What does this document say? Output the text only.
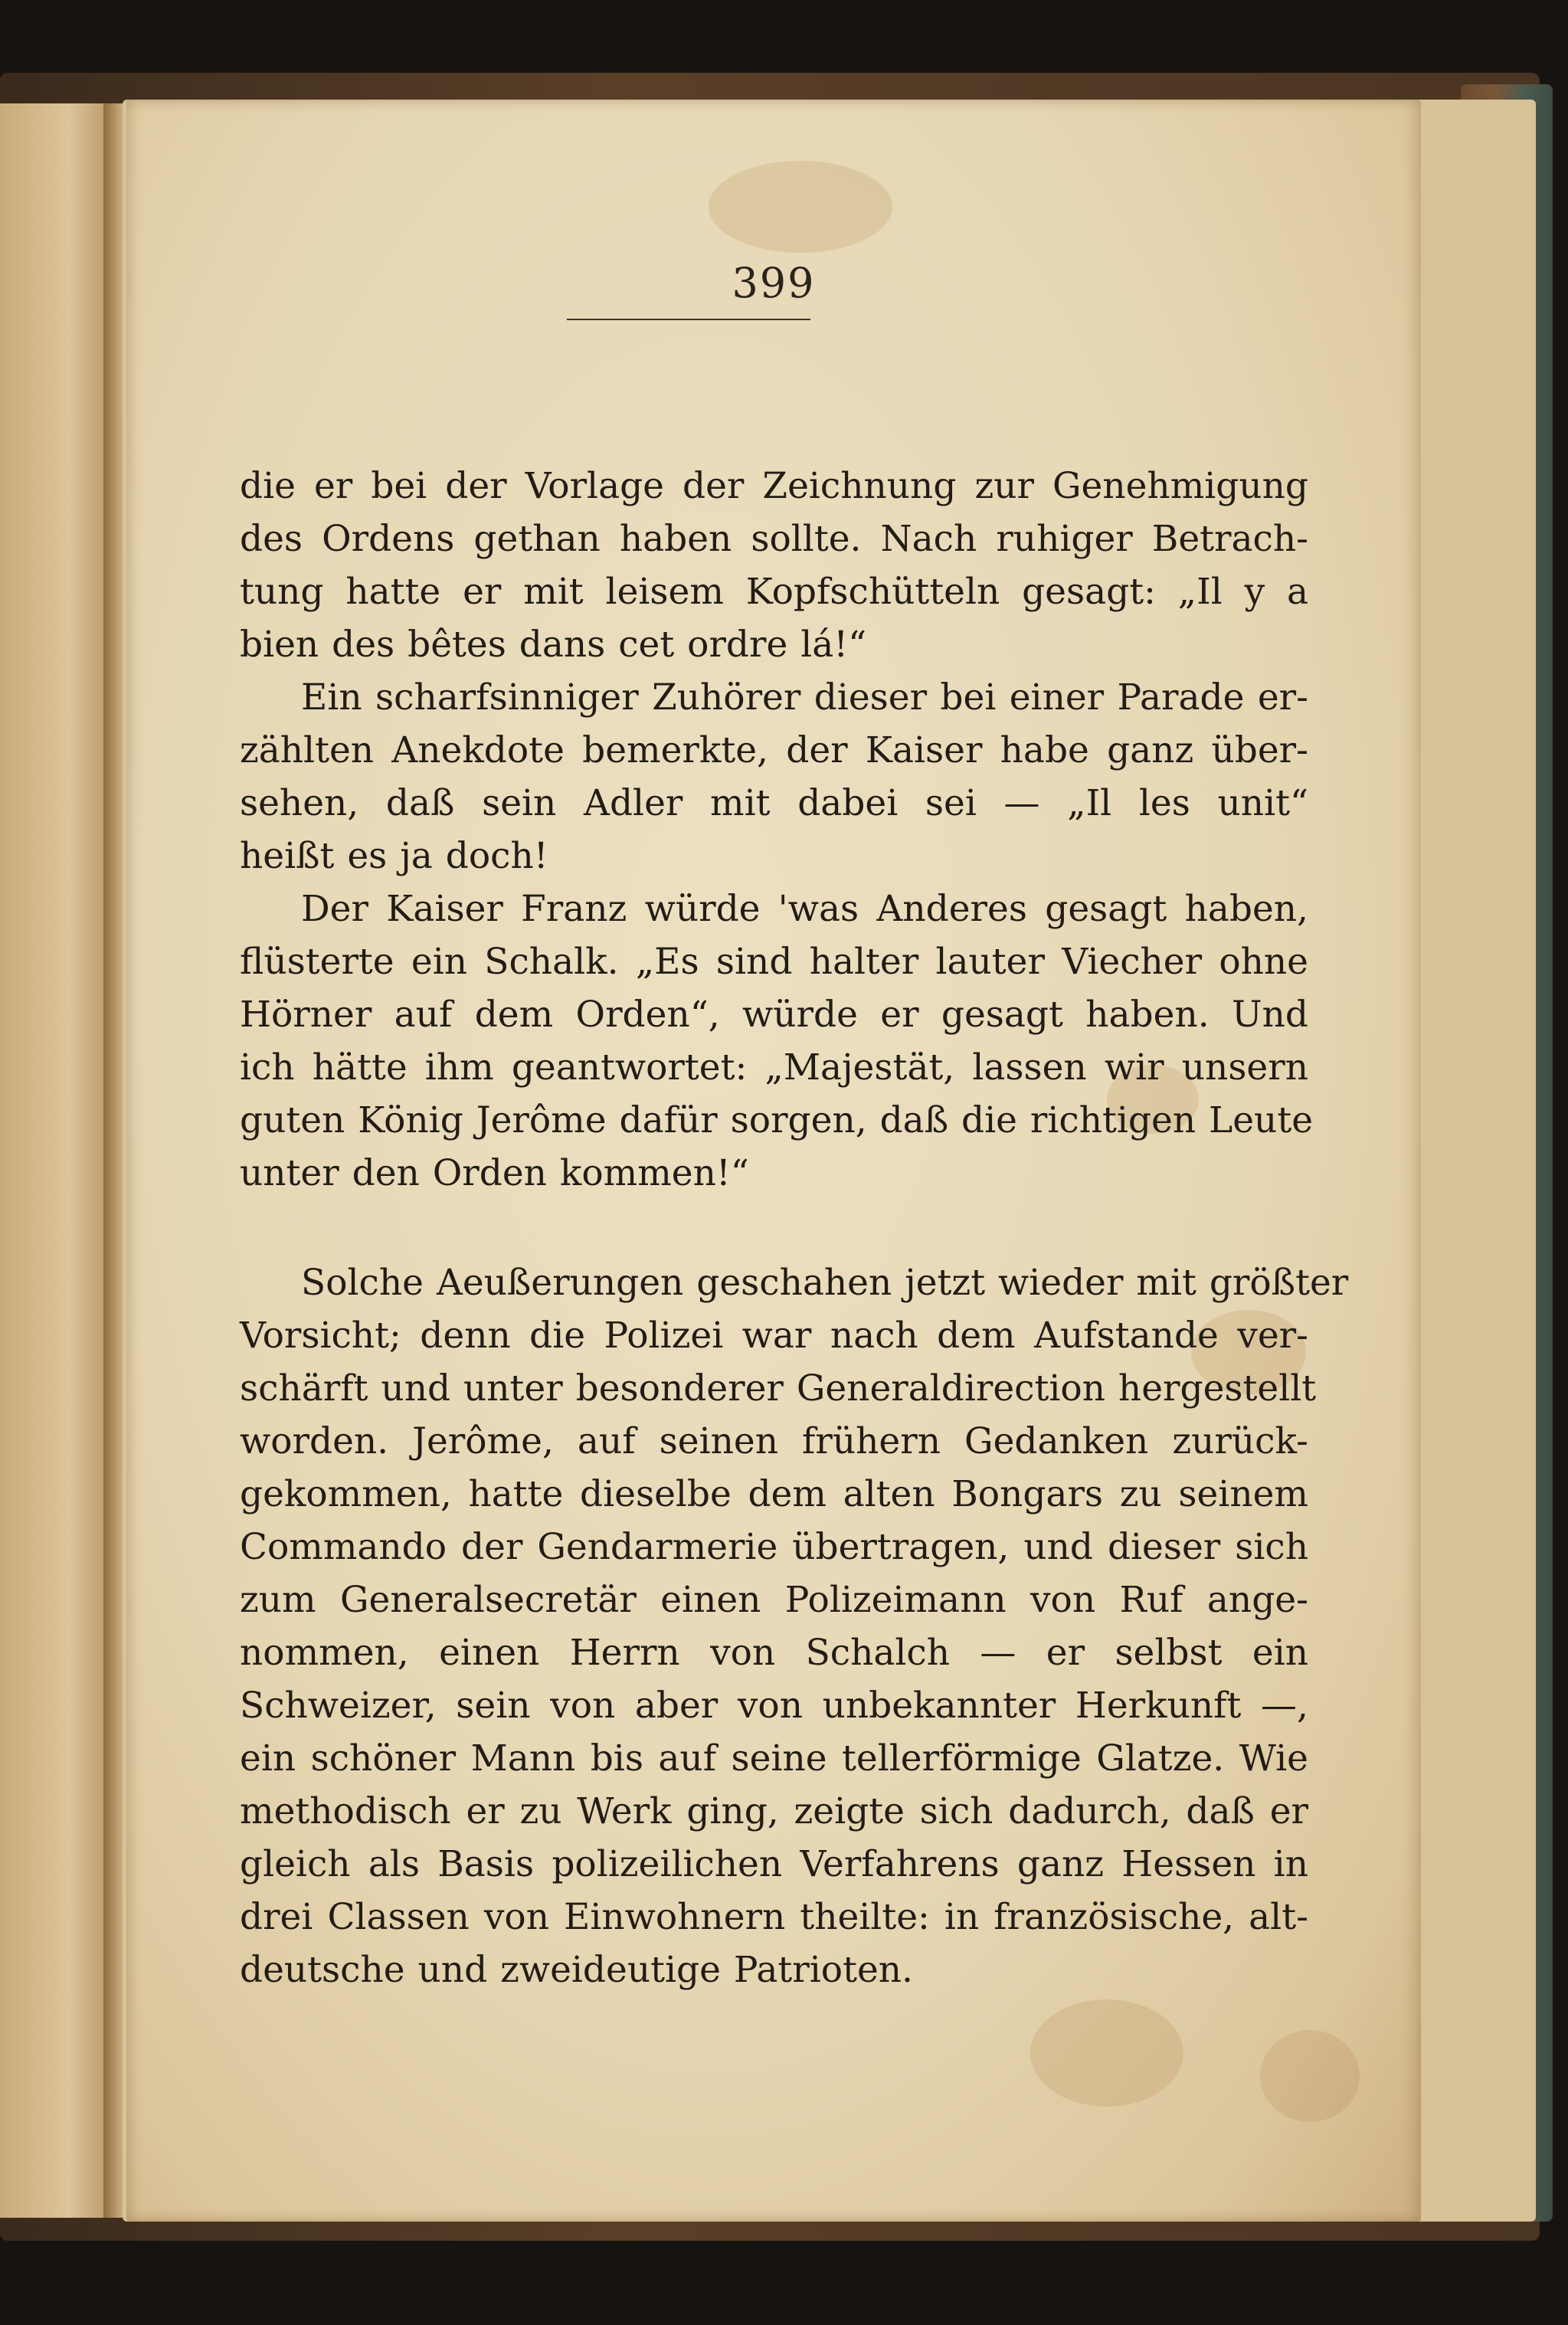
399
die er bei der Vorlage der Zeichnung zur Genehmigung
des Ordens gethan haben sollte. Nach ruhiger Betrach-
tung hatte er mit leisem Kopfschütteln gesagt: „Il y a
bien des bêtes dans cet ordre lá!“
Ein scharfsinniger Zuhörer dieser bei einer Parade er-
zählten Anekdote bemerkte, der Kaiser habe ganz über-
sehen, daß sein Adler mit dabei sei — „Il les unit“
heißt es ja doch!
Der Kaiser Franz würde 'was Anderes gesagt haben,
flüsterte ein Schalk. „Es sind halter lauter Viecher ohne
Hörner auf dem Orden“, würde er gesagt haben. Und
ich hätte ihm geantwortet: „Majestät, lassen wir unsern
guten König Jerôme dafür sorgen, daß die richtigen Leute
unter den Orden kommen!“
Solche Aeußerungen geschahen jetzt wieder mit größter
Vorsicht; denn die Polizei war nach dem Aufstande ver-
schärft und unter besonderer Generaldirection hergestellt
worden. Jerôme, auf seinen frühern Gedanken zurück-
gekommen, hatte dieselbe dem alten Bongars zu seinem
Commando der Gendarmerie übertragen, und dieser sich
zum Generalsecretär einen Polizeimann von Ruf ange-
nommen, einen Herrn von Schalch — er selbst ein
Schweizer, sein von aber von unbekannter Herkunft —,
ein schöner Mann bis auf seine tellerförmige Glatze. Wie
methodisch er zu Werk ging, zeigte sich dadurch, daß er
gleich als Basis polizeilichen Verfahrens ganz Hessen in
drei Classen von Einwohnern theilte: in französische, alt-
deutsche und zweideutige Patrioten.
